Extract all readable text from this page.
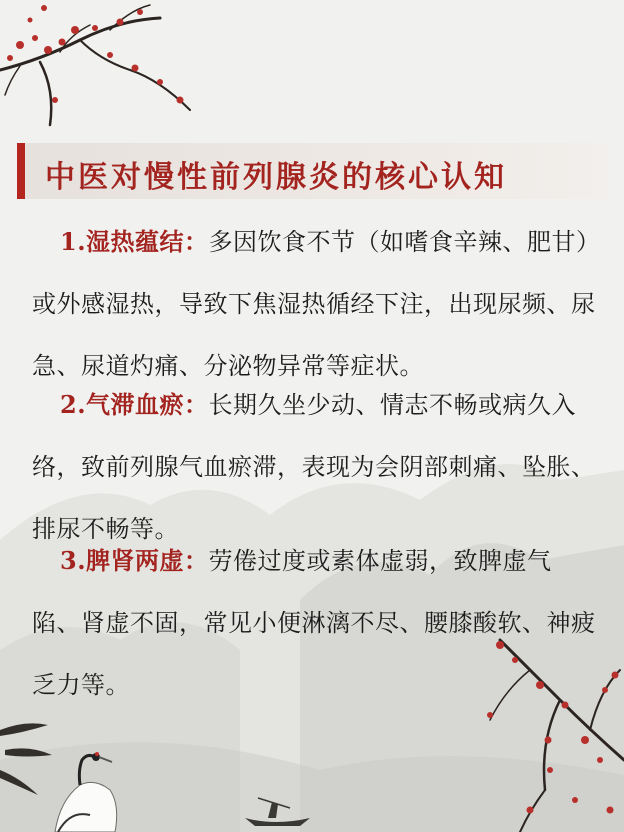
中医对慢性前列腺炎的核心认知
1.湿热蕴结：多因饮食不节（如嗜食辛辣、肥甘）或外感湿热，导致下焦湿热循经下注，出现尿频、尿急、尿道灼痛、分泌物异常等症状。
2.气滞血瘀：长期久坐少动、情志不畅或病久入络，致前列腺气血瘀滞，表现为会阴部刺痛、坠胀、排尿不畅等。
3.脾肾两虚：劳倦过度或素体虚弱，致脾虚气陷、肾虚不固，常见小便淋漓不尽、腰膝酸软、神疲乏力等。
